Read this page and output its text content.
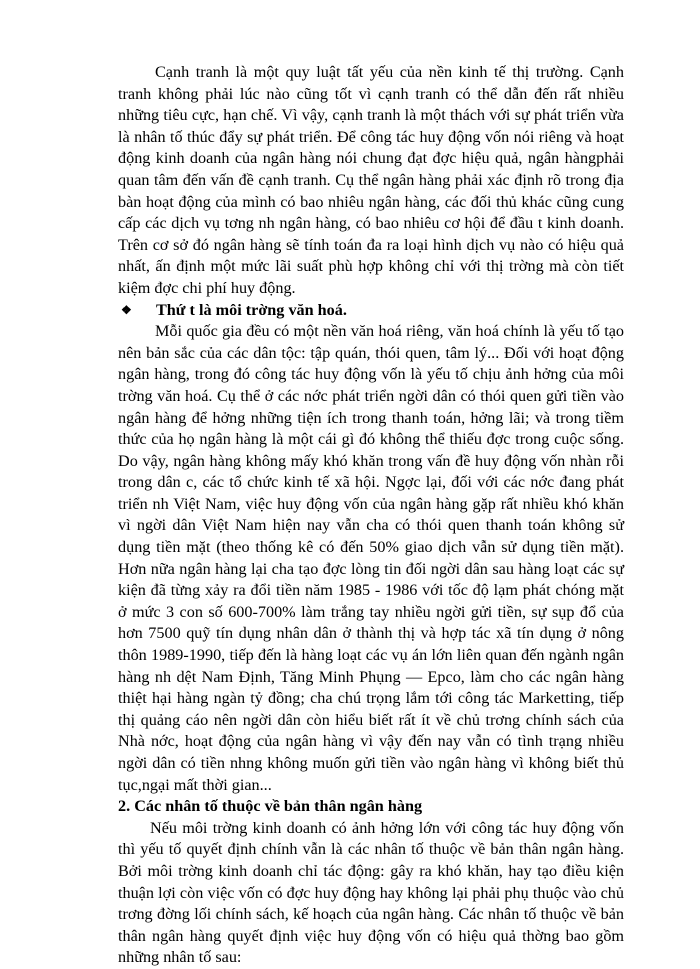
Cạnh tranh là một quy luật tất yếu của nền kinh tế thị trường. Cạnh tranh không phải lúc nào cũng tốt vì cạnh tranh có thể dẫn đến rất nhiều những tiêu cực, hạn chế. Vì vậy, cạnh tranh là một thách với sự phát triển vừa là nhân tố thúc đẩy sự phát triển. Để công tác huy động vốn nói riêng và hoạt động kinh doanh của ngân hàng nói chung đạt đợc hiệu quả, ngân hàngphải quan tâm đến vấn đề cạnh tranh. Cụ thể ngân hàng phải xác định rõ trong địa bàn hoạt động của mình có bao nhiêu ngân hàng, các đối thủ khác cũng cung cấp các dịch vụ tơng nh ngân hàng, có bao nhiêu cơ hội để đầu t kinh doanh. Trên cơ sở đó ngân hàng sẽ tính toán đa ra loại hình dịch vụ nào có hiệu quả nhất, ấn định một mức lãi suất phù hợp không chỉ với thị trờng mà còn tiết kiệm đợc chi phí huy động.

❖ Thứ t là môi trờng văn hoá.

Mỗi quốc gia đều có một nền văn hoá riêng, văn hoá chính là yếu tố tạo nên bản sắc của các dân tộc: tập quán, thói quen, tâm lý... Đối với hoạt động ngân hàng, trong đó công tác huy động vốn là yếu tố chịu ảnh hởng của môi trờng văn hoá. Cụ thể ở các nớc phát triển ngời dân có thói quen gửi tiền vào ngân hàng để hởng những tiện ích trong thanh toán, hởng lãi; và trong tiềm thức của họ ngân hàng là một cái gì đó không thể thiếu đợc trong cuộc sống. Do vậy, ngân hàng không mấy khó khăn trong vấn đề huy động vốn nhàn rỗi trong dân c, các tổ chức kinh tế xã hội. Ngợc lại, đối với các nớc đang phát triển nh Việt Nam, việc huy động vốn của ngân hàng gặp rất nhiều khó khăn vì ngời dân Việt Nam hiện nay vẫn cha có thói quen thanh toán không sử dụng tiền mặt (theo thống kê có đến 50% giao dịch vẫn sử dụng tiền mặt). Hơn nữa ngân hàng lại cha tạo đợc lòng tin đối ngời dân sau hàng loạt các sự kiện đã từng xảy ra đổi tiền năm 1985 - 1986 với tốc độ lạm phát chóng mặt ở mức 3 con số 600-700% làm trắng tay nhiều ngời gửi tiền, sự sụp đổ của hơn 7500 quỹ tín dụng nhân dân ở thành thị và hợp tác xã tín dụng ở nông thôn 1989-1990, tiếp đến là hàng loạt các vụ án lớn liên quan đến ngành ngân hàng nh dệt Nam Định, Tăng Minh Phụng — Epco, làm cho các ngân hàng thiệt hại hàng ngàn tỷ đồng; cha chú trọng lắm tới công tác Marketting, tiếp thị quảng cáo nên ngời dân còn hiểu biết rất ít về chủ trơng chính sách của Nhà nớc, hoạt động của ngân hàng vì vậy đến nay vẫn có tình trạng nhiều ngời dân có tiền nhng không muốn gửi tiền vào ngân hàng vì không biết thủ tục,ngại mất thời gian...

2. Các nhân tố thuộc về bản thân ngân hàng

Nếu môi trờng kinh doanh có ảnh hởng lớn với công tác huy động vốn thì yếu tố quyết định chính vẫn là các nhân tố thuộc về bản thân ngân hàng. Bởi môi trờng kinh doanh chỉ tác động: gây ra khó khăn, hay tạo điều kiện thuận lợi còn việc vốn có đợc huy động hay không lại phải phụ thuộc vào chủ trơng đờng lối chính sách, kế hoạch của ngân hàng. Các nhân tố thuộc về bản thân ngân hàng quyết định việc huy động vốn có hiệu quả thờng bao gồm những nhân tố sau:
